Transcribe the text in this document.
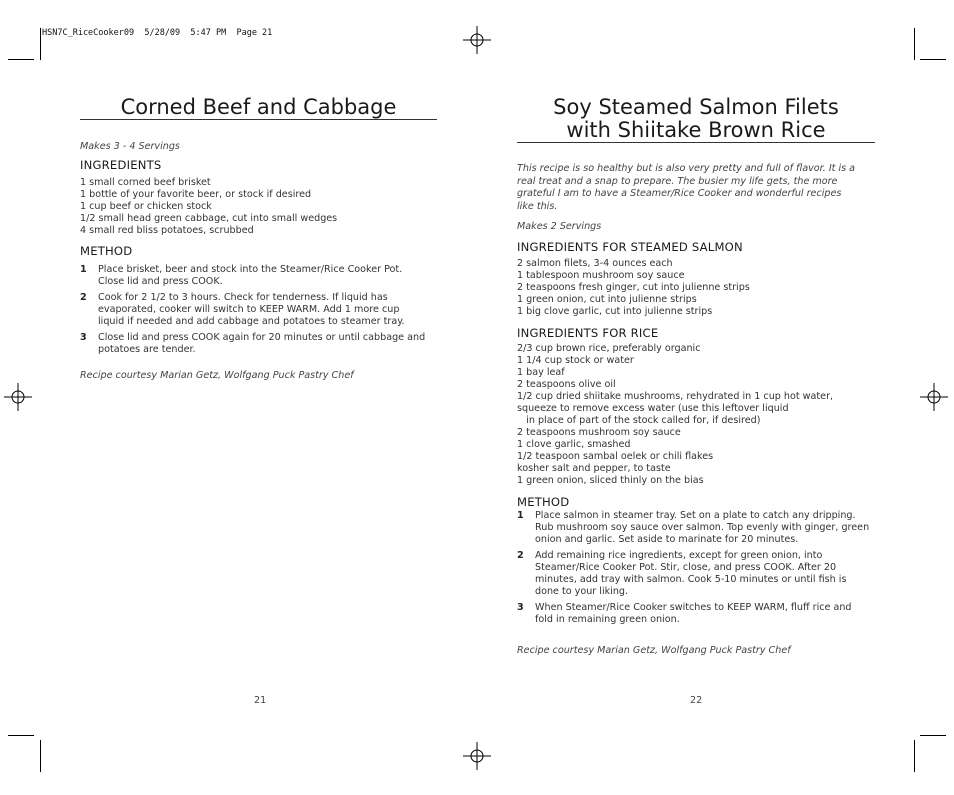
HSN7C_RiceCooker09  5/28/09  5:47 PM  Page 21
Corned Beef and Cabbage
Makes 3 - 4 Servings
INGREDIENTS
1 small corned beef brisket
1 bottle of your favorite beer, or stock if desired
1 cup beef or chicken stock
1/2 small head green cabbage, cut into small wedges
4 small red bliss potatoes, scrubbed
METHOD
1 Place brisket, beer and stock into the Steamer/Rice Cooker Pot.
Close lid and press COOK.
2 Cook for 2 1/2 to 3 hours. Check for tenderness. If liquid has
evaporated, cooker will switch to KEEP WARM. Add 1 more cup
liquid if needed and add cabbage and potatoes to steamer tray.
3 Close lid and press COOK again for 20 minutes or until cabbage and
potatoes are tender.
Recipe courtesy Marian Getz, Wolfgang Puck Pastry Chef
21
Soy Steamed Salmon Filets
with Shiitake Brown Rice
This recipe is so healthy but is also very pretty and full of flavor. It is a
real treat and a snap to prepare. The busier my life gets, the more
grateful I am to have a Steamer/Rice Cooker and wonderful recipes
like this.
Makes 2 Servings
INGREDIENTS FOR STEAMED SALMON
2 salmon filets, 3-4 ounces each
1 tablespoon mushroom soy sauce
2 teaspoons fresh ginger, cut into julienne strips
1 green onion, cut into julienne strips
1 big clove garlic, cut into julienne strips
INGREDIENTS FOR RICE
2/3 cup brown rice, preferably organic
1 1/4 cup stock or water
1 bay leaf
2 teaspoons olive oil
1/2 cup dried shiitake mushrooms, rehydrated in 1 cup hot water,
squeeze to remove excess water (use this leftover liquid
in place of part of the stock called for, if desired)
2 teaspoons mushroom soy sauce
1 clove garlic, smashed
1/2 teaspoon sambal oelek or chili flakes
kosher salt and pepper, to taste
1 green onion, sliced thinly on the bias
METHOD
1 Place salmon in steamer tray. Set on a plate to catch any dripping.
Rub mushroom soy sauce over salmon. Top evenly with ginger, green
onion and garlic. Set aside to marinate for 20 minutes.
2 Add remaining rice ingredients, except for green onion, into
Steamer/Rice Cooker Pot. Stir, close, and press COOK. After 20
minutes, add tray with salmon. Cook 5-10 minutes or until fish is
done to your liking.
3 When Steamer/Rice Cooker switches to KEEP WARM, fluff rice and
fold in remaining green onion.
Recipe courtesy Marian Getz, Wolfgang Puck Pastry Chef
22
